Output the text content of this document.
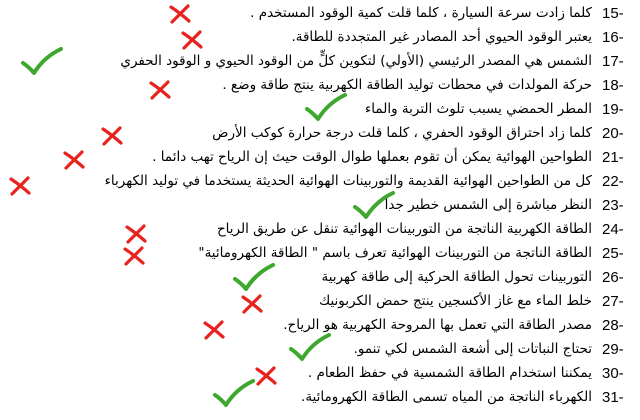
15-
كلما زادت سرعة السيارة ، كلما قلت كمية الوقود المستخدم .
16-
يعتبر الوقود الحيوي أحد المصادر غير المتجددة للطاقة.
17-
الشمس هي المصدر الرئيسي (الأولي) لتكوين كلٍّ من الوقود الحيوي و الوقود الحفري
18-
حركة المولدات في محطات توليد الطاقة الكهربية ينتج طاقة وضع .
19-
المطر الحمضي يسبب تلوث التربة والماء
20-
كلما زاد احتراق الوقود الحفري ، كلما قلت درجة حرارة كوكب الأرض
21-
الطواحين الهوائية يمكن أن تقوم بعملها طوال الوقت حيث إن الرياح تهب دائما .
22-
كل من الطواحين الهوائية القديمة والتوربينات الهوائية الحديثة يستخدما في توليد الكهرباء
23-
النظر مباشرة إلى الشمس خطير جدا
24-
الطاقة الكهربية الناتجة من التوربينات الهوائية تنقل عن طريق الرياح
25-
الطاقة الناتجة من التوربينات الهوائية تعرف باسم " الطاقة الكهرومائية"
26-
التوربينات تحول الطاقة الحركية إلى طاقة كهربية
27-
خلط الماء مع غاز الأكسجين ينتج حمض الكربونيك
28-
مصدر الطاقة التي تعمل بها المروحة الكهربية هو الرياح.
29-
تحتاج النباتات إلى أشعة الشمس لكي تنمو.
30-
يمكننا استخدام الطاقة الشمسية في حفظ الطعام .
31-
الكهرباء الناتجة من المياه تسمى الطاقة الكهرومائية.
